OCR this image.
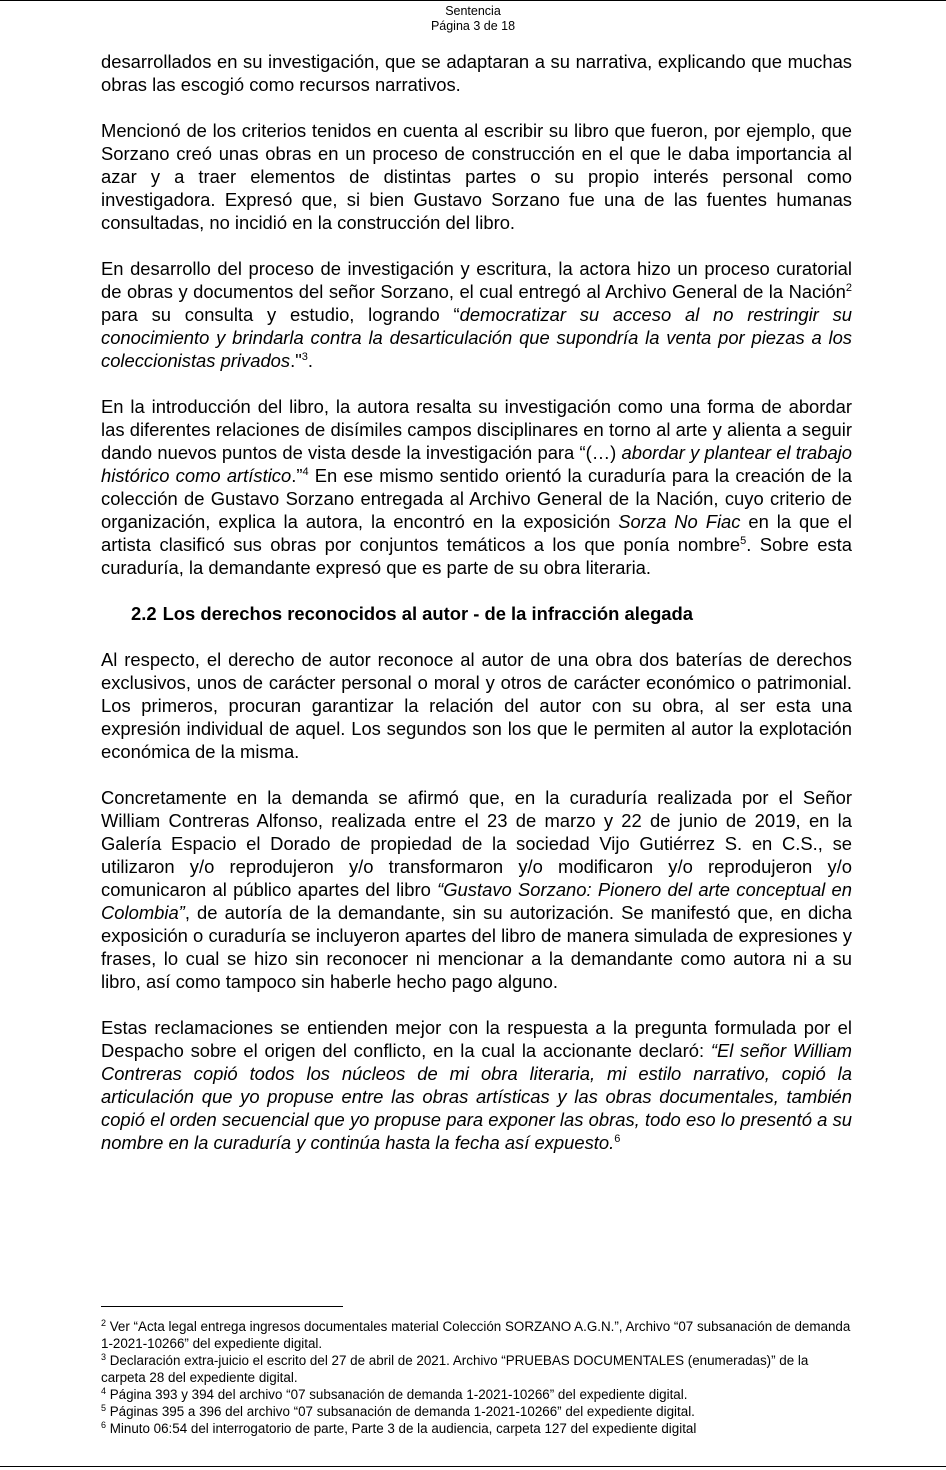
Sentencia
Página 3 de 18

desarrollados en su investigación, que se adaptaran a su narrativa, explicando que muchas obras las escogió como recursos narrativos.

Mencionó de los criterios tenidos en cuenta al escribir su libro que fueron, por ejemplo, que Sorzano creó unas obras en un proceso de construcción en el que le daba importancia al azar y a traer elementos de distintas partes o su propio interés personal como investigadora. Expresó que, si bien Gustavo Sorzano fue una de las fuentes humanas consultadas, no incidió en la construcción del libro.

En desarrollo del proceso de investigación y escritura, la actora hizo un proceso curatorial de obras y documentos del señor Sorzano, el cual entregó al Archivo General de la Nación$^2$ para su consulta y estudio, logrando “democratizar su acceso al no restringir su conocimiento y brindarla contra la desarticulación que supondría la venta por piezas a los coleccionistas privados."$^3$.

En la introducción del libro, la autora resalta su investigación como una forma de abordar las diferentes relaciones de disímiles campos disciplinares en torno al arte y alienta a seguir dando nuevos puntos de vista desde la investigación para “(…) abordar y plantear el trabajo histórico como artístico.”$^4$ En ese mismo sentido orientó la curaduría para la creación de la colección de Gustavo Sorzano entregada al Archivo General de la Nación, cuyo criterio de organización, explica la autora, la encontró en la exposición Sorza No Fiac en la que el artista clasificó sus obras por conjuntos temáticos a los que ponía nombre$^5$. Sobre esta curaduría, la demandante expresó que es parte de su obra literaria.

2.2 Los derechos reconocidos al autor - de la infracción alegada

Al respecto, el derecho de autor reconoce al autor de una obra dos baterías de derechos exclusivos, unos de carácter personal o moral y otros de carácter económico o patrimonial. Los primeros, procuran garantizar la relación del autor con su obra, al ser esta una expresión individual de aquel. Los segundos son los que le permiten al autor la explotación económica de la misma.

Concretamente en la demanda se afirmó que, en la curaduría realizada por el Señor William Contreras Alfonso, realizada entre el 23 de marzo y 22 de junio de 2019, en la Galería Espacio el Dorado de propiedad de la sociedad Vijo Gutiérrez S. en C.S., se utilizaron y/o reprodujeron y/o transformaron y/o modificaron y/o reprodujeron y/o comunicaron al público apartes del libro “Gustavo Sorzano: Pionero del arte conceptual en Colombia”, de autoría de la demandante, sin su autorización. Se manifestó que, en dicha exposición o curaduría se incluyeron apartes del libro de manera simulada de expresiones y frases, lo cual se hizo sin reconocer ni mencionar a la demandante como autora ni a su libro, así como tampoco sin haberle hecho pago alguno.

Estas reclamaciones se entienden mejor con la respuesta a la pregunta formulada por el Despacho sobre el origen del conflicto, en la cual la accionante declaró: “El señor William Contreras copió todos los núcleos de mi obra literaria, mi estilo narrativo, copió la articulación que yo propuse entre las obras artísticas y las obras documentales, también copió el orden secuencial que yo propuse para exponer las obras, todo eso lo presentó a su nombre en la curaduría y continúa hasta la fecha así expuesto.$^6$

$^2$ Ver “Acta legal entrega ingresos documentales material Colección SORZANO A.G.N.”, Archivo “07 subsanación de demanda 1-2021-10266” del expediente digital.

$^3$ Declaración extra-juicio el escrito del 27 de abril de 2021. Archivo “PRUEBAS DOCUMENTALES (enumeradas)” de la carpeta 28 del expediente digital.

$^4$ Página 393 y 394 del archivo “07 subsanación de demanda 1-2021-10266” del expediente digital.

$^5$ Páginas 395 a 396 del archivo “07 subsanación de demanda 1-2021-10266” del expediente digital.

$^6$ Minuto 06:54 del interrogatorio de parte, Parte 3 de la audiencia, carpeta 127 del expediente digital
